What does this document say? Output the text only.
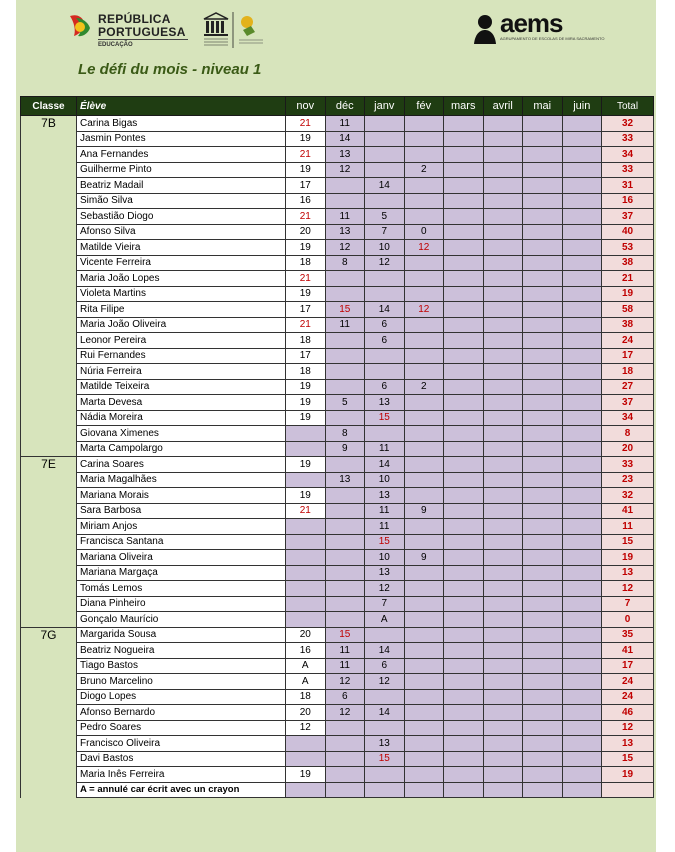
REPÚBLICA
PORTUGUESA
EDUCAÇÃO
aems
AGRUPAMENTO DE ESCOLAS DE MIRA SACRAMENTO
Le défi du mois - niveau 1
Classe	Élève	nov	déc	janv	fév	mars	avril	mai	juin	Total
7B	Carina Bigas	21	11							32
	Jasmin Pontes	19	14							33
	Ana Fernandes	21	13							34
	Guilherme Pinto	19	12		2					33
	Beatriz Madail	17		14						31
	Simão Silva	16								16
	Sebastião Diogo	21	11	5						37
	Afonso Silva	20	13	7	0					40
	Matilde Vieira	19	12	10	12					53
	Vicente Ferreira	18	8	12						38
	Maria João Lopes	21								21
	Violeta Martins	19								19
	Rita Filipe	17	15	14	12					58
	Maria João Oliveira	21	11	6						38
	Leonor Pereira	18		6						24
	Rui Fernandes	17								17
	Núria Ferreira	18								18
	Matilde Teixeira	19		6	2					27
	Marta Devesa	19	5	13						37
	Nádia Moreira	19		15						34
	Giovana Ximenes		8							8
	Marta Campolargo		9	11						20
7E	Carina Soares	19		14						33
	Maria Magalhães		13	10						23
	Mariana Morais	19		13						32
	Sara Barbosa	21		11	9					41
	Miriam Anjos			11						11
	Francisca Santana			15						15
	Mariana Oliveira			10	9					19
	Mariana Margaça			13						13
	Tomás Lemos			12						12
	Diana Pinheiro			7						7
	Gonçalo Maurício			A						0
7G	Margarida Sousa	20	15							35
	Beatriz Nogueira	16	11	14						41
	Tiago Bastos	A	11	6						17
	Bruno Marcelino	A	12	12						24
	Diogo Lopes	18	6							24
	Afonso Bernardo	20	12	14						46
	Pedro Soares	12								12
	Francisco Oliveira			13						13
	Davi Bastos			15						15
	Maria Inês Ferreira	19								19
	A = annulé car écrit avec un crayon									
